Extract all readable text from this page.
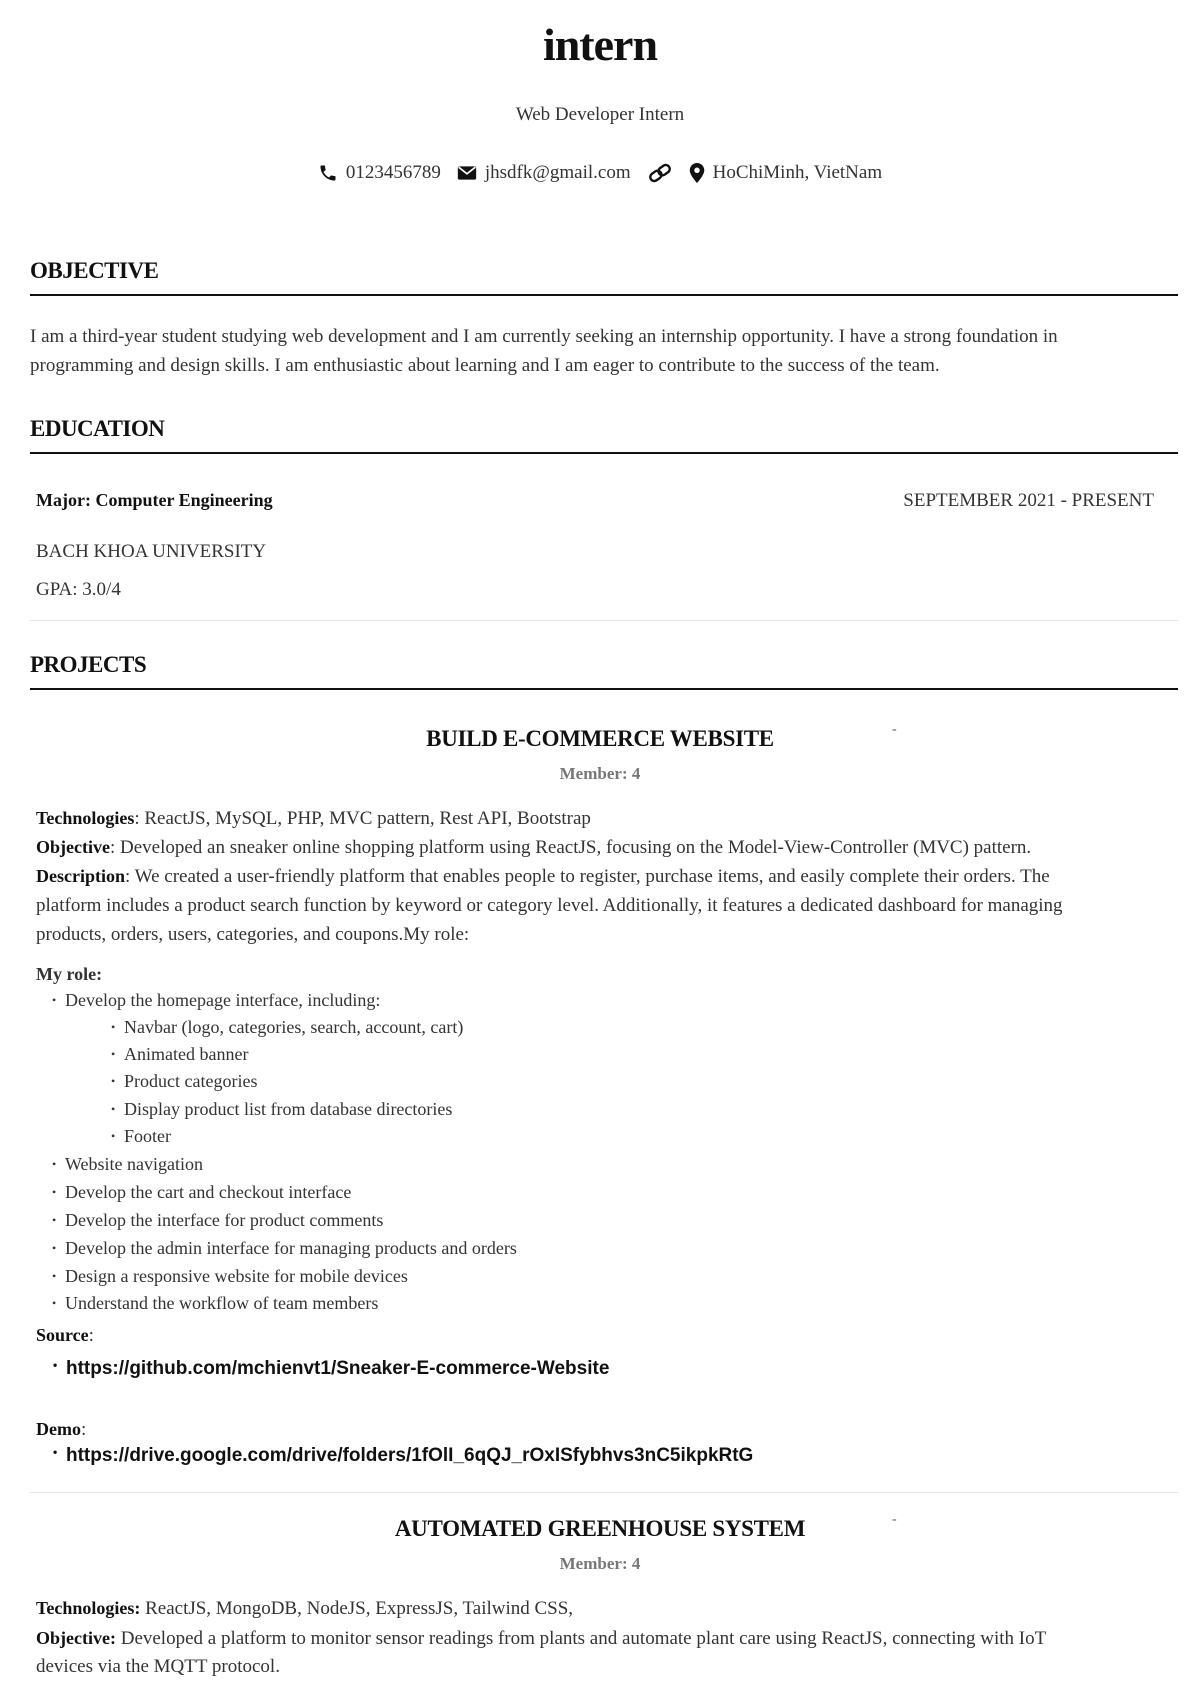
intern
Web Developer Intern
0123456789 jhsdfk@gmail.com	HoChiMinh, VietNam
OBJECTIVE
I am a third-year student studying web development and I am currently seeking an internship opportunity. I have a strong foundation in
programming and design skills. I am enthusiastic about learning and I am eager to contribute to the success of the team.
EDUCATION
Major: Computer Engineering	SEPTEMBER 2021 - PRESENT
BACH KHOA UNIVERSITY
GPA: 3.0/4
PROJECTS
BUILD E-COMMERCE WEBSITE	-
Member: 4
Technologies: ReactJS, MySQL, PHP, MVC pattern, Rest API, Bootstrap
Objective: Developed an sneaker online shopping platform using ReactJS, focusing on the Model-View-Controller (MVC) pattern.
Description: We created a user-friendly platform that enables people to register, purchase items, and easily complete their orders. The
platform includes a product search function by keyword or category level. Additionally, it features a dedicated dashboard for managing
products, orders, users, categories, and coupons.My role:
My role:
• Develop the homepage interface, including:
• Navbar (logo, categories, search, account, cart)
• Animated banner
• Product categories
• Display product list from database directories
• Footer
• Website navigation
• Develop the cart and checkout interface
• Develop the interface for product comments
• Develop the admin interface for managing products and orders
• Design a responsive website for mobile devices
• Understand the workflow of team members
Source:
• https://github.com/mchienvt1/Sneaker-E-commerce-Website
Demo:
• https://drive.google.com/drive/folders/1fOlI_6qQJ_rOxISfybhvs3nC5ikpkRtG
AUTOMATED GREENHOUSE SYSTEM	-
Member: 4
Technologies: ReactJS, MongoDB, NodeJS, ExpressJS, Tailwind CSS,
Objective: Developed a platform to monitor sensor readings from plants and automate plant care using ReactJS, connecting with IoT
devices via the MQTT protocol.
